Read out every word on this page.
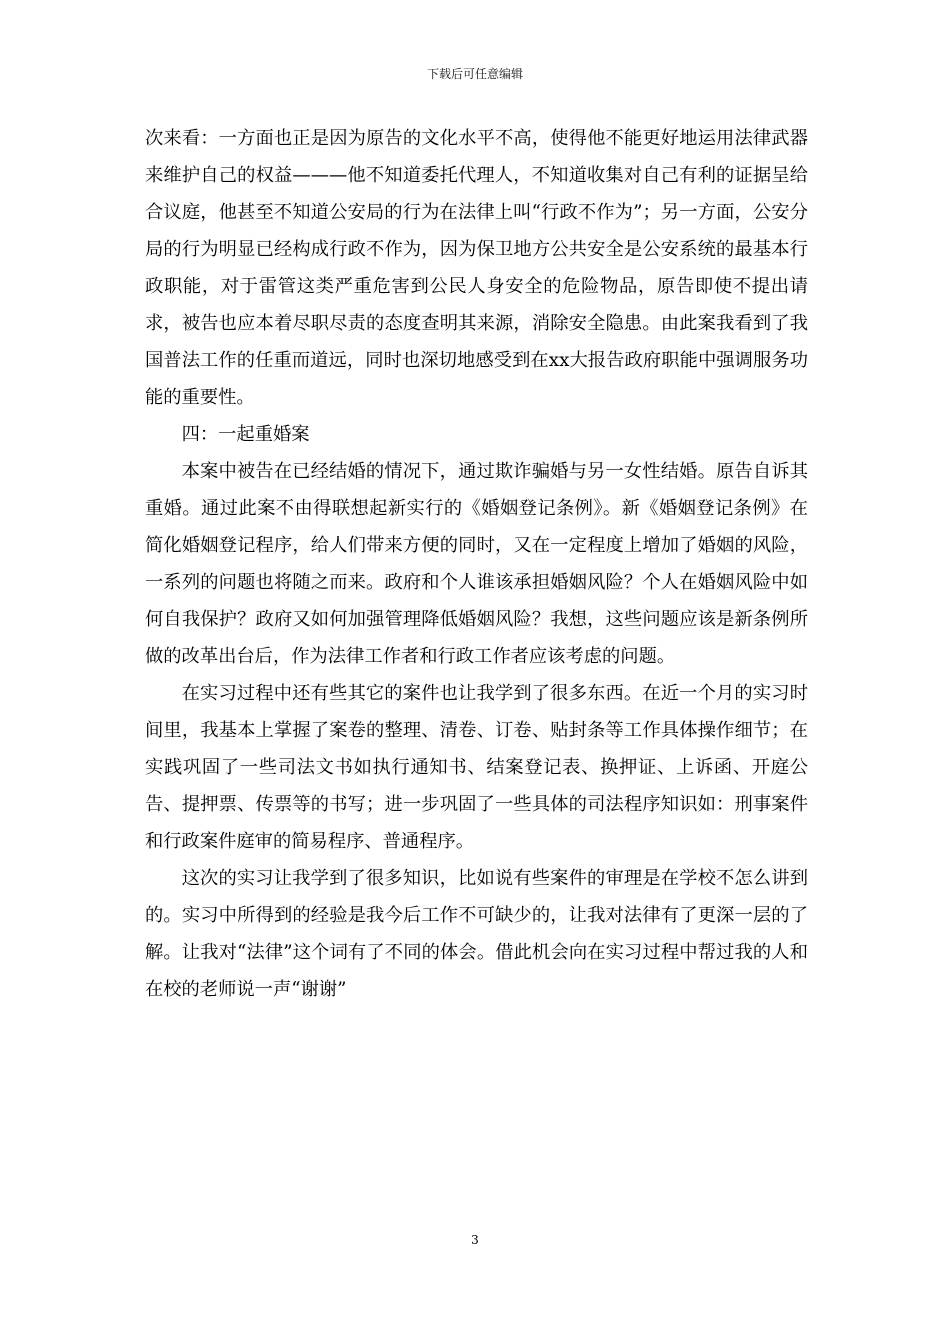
下载后可任意编辑

次来看：一方面也正是因为原告的文化水平不高，使得他不能更好地运用法律武器来维护自己的权益———他不知道委托代理人，不知道收集对自己有利的证据呈给合议庭，他甚至不知道公安局的行为在法律上叫“行政不作为”；另一方面，公安分局的行为明显已经构成行政不作为，因为保卫地方公共安全是公安系统的最基本行政职能，对于雷管这类严重危害到公民人身安全的危险物品，原告即使不提出请求，被告也应本着尽职尽责的态度查明其来源，消除安全隐患。由此案我看到了我国普法工作的任重而道远，同时也深切地感受到在xx大报告政府职能中强调服务功能的重要性。

四：一起重婚案

本案中被告在已经结婚的情况下，通过欺诈骗婚与另一女性结婚。原告自诉其重婚。通过此案不由得联想起新实行的《婚姻登记条例》。新《婚姻登记条例》在简化婚姻登记程序，给人们带来方便的同时，又在一定程度上增加了婚姻的风险，一系列的问题也将随之而来。政府和个人谁该承担婚姻风险？个人在婚姻风险中如何自我保护？政府又如何加强管理降低婚姻风险？我想，这些问题应该是新条例所做的改革出台后，作为法律工作者和行政工作者应该考虑的问题。

在实习过程中还有些其它的案件也让我学到了很多东西。在近一个月的实习时间里，我基本上掌握了案卷的整理、清卷、订卷、贴封条等工作具体操作细节；在实践巩固了一些司法文书如执行通知书、结案登记表、换押证、上诉函、开庭公告、提押票、传票等的书写；进一步巩固了一些具体的司法程序知识如：刑事案件和行政案件庭审的简易程序、普通程序。

这次的实习让我学到了很多知识，比如说有些案件的审理是在学校不怎么讲到的。实习中所得到的经验是我今后工作不可缺少的，让我对法律有了更深一层的了解。让我对“法律”这个词有了不同的体会。借此机会向在实习过程中帮过我的人和在校的老师说一声“谢谢”

3
